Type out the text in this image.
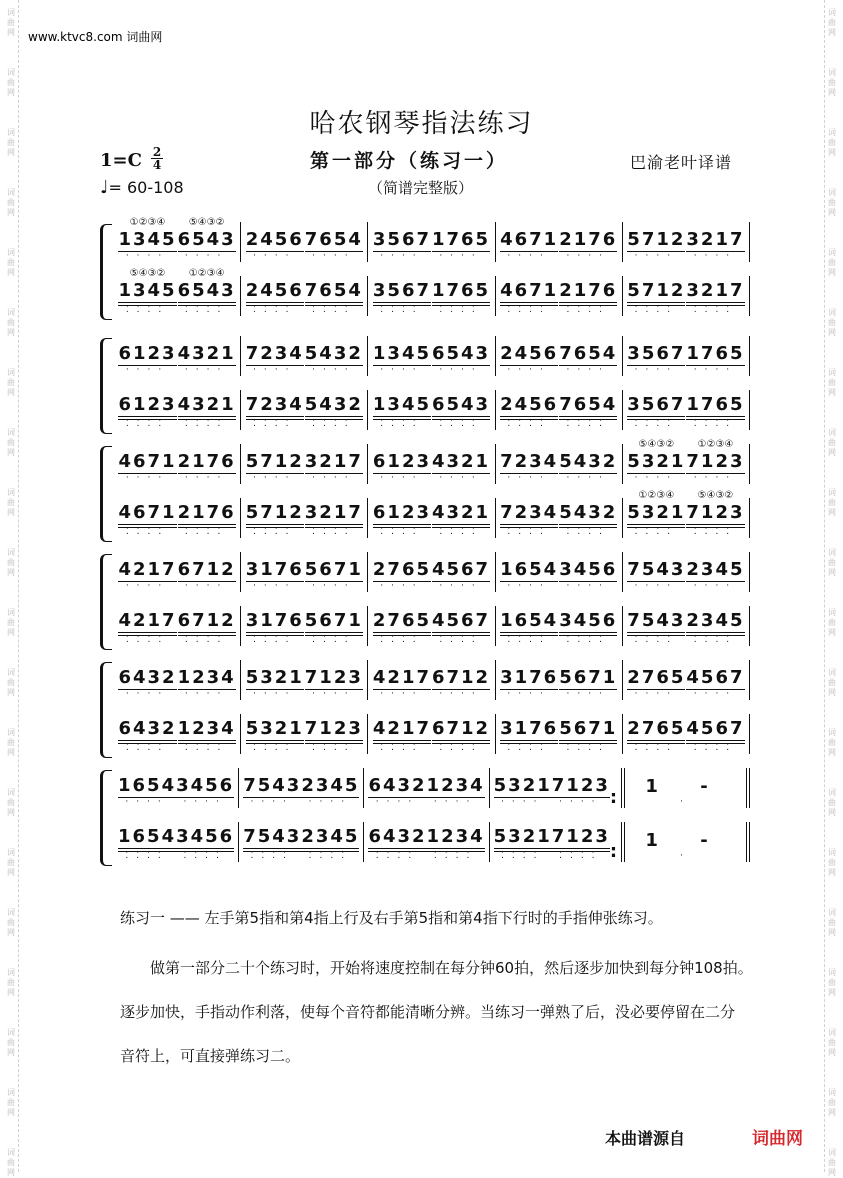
www.ktvc8.com 词曲网
哈农钢琴指法练习
1=C 2
4
♩= 60-108
第一部分（练习一）
（简谱完整版）
巴渝老叶译谱
①②③④
1345
····
⑤④③②
6543
····
2456
····
7654
····
3567
····
1765
····
4671
····
2176
····
5712
····
3217
····
⑤④③②
1345
⁚⁚⁚⁚
①②③④
6543
⁚⁚⁚⁚
2456
⁚⁚⁚⁚
7654
⁚⁚⁚⁚
3567
⁚⁚⁚⁚
1765
⁚⁚⁚⁚
4671
⁚⁚⁚⁚
2176
⁚⁚⁚⁚
5712
⁚⁚⁚⁚
3217
⁚⁚⁚⁚
6123
····
4321
····
7234
····
5432
····
1345
····
6543
····
2456
····
7654
····
3567
····
1765
····
6123
⁚⁚⁚⁚
4321
⁚⁚⁚⁚
7234
⁚⁚⁚⁚
5432
⁚⁚⁚⁚
1345
⁚⁚⁚⁚
6543
⁚⁚⁚⁚
2456
⁚⁚⁚⁚
7654
⁚⁚⁚⁚
3567
⁚⁚⁚⁚
1765
⁚⁚⁚⁚
4671
····
2176
····
5712
····
3217
····
6123
····
4321
····
7234
····
5432
····
⑤④③②
5321
····
①②③④
7123
····
4671
⁚⁚⁚⁚
2176
⁚⁚⁚⁚
5712
⁚⁚⁚⁚
3217
⁚⁚⁚⁚
6123
⁚⁚⁚⁚
4321
⁚⁚⁚⁚
7234
⁚⁚⁚⁚
5432
⁚⁚⁚⁚
①②③④
5321
⁚⁚⁚⁚
⑤④③②
7123
⁚⁚⁚⁚
4217
····
6712
····
3176
····
5671
····
2765
····
4567
····
1654
····
3456
····
7543
····
2345
····
4217
⁚⁚⁚⁚
6712
⁚⁚⁚⁚
3176
⁚⁚⁚⁚
5671
⁚⁚⁚⁚
2765
⁚⁚⁚⁚
4567
⁚⁚⁚⁚
1654
⁚⁚⁚⁚
3456
⁚⁚⁚⁚
7543
⁚⁚⁚⁚
2345
⁚⁚⁚⁚
6432
····
1234
····
5321
····
7123
····
4217
····
6712
····
3176
····
5671
····
2765
····
4567
····
6432
⁚⁚⁚⁚
1234
⁚⁚⁚⁚
5321
⁚⁚⁚⁚
7123
⁚⁚⁚⁚
4217
⁚⁚⁚⁚
6712
⁚⁚⁚⁚
3176
⁚⁚⁚⁚
5671
⁚⁚⁚⁚
2765
⁚⁚⁚⁚
4567
⁚⁚⁚⁚
1654
····
3456
····
7543
····
2345
····
6432
····
1234
····
5321
····
7123
···· :
1 -
·
1654
⁚⁚⁚⁚
3456
⁚⁚⁚⁚
7543
⁚⁚⁚⁚
2345
⁚⁚⁚⁚
6432
⁚⁚⁚⁚
1234
⁚⁚⁚⁚
5321
⁚⁚⁚⁚
7123
⁚⁚⁚⁚ :
1 -
·
练习一 —— 左手第5指和第4指上行及右手第5指和第4指下行时的手指伸张练习。
做第一部分二十个练习时，开始将速度控制在每分钟60拍，然后逐步加快到每分钟108拍。
逐步加快，手指动作利落，使每个音符都能清晰分辨。当练习一弹熟了后，没必要停留在二分
音符上，可直接弹练习二。
本曲谱源自	词曲网
词
曲
网
词
曲
网
词
曲
网
词
曲
网
词
曲
网
词
曲
网
词
曲
网
词
曲
网
词
曲
网
词
曲
网
词
曲
网
词
曲
网
词
曲
网
词
曲
网
词
曲
网
词
曲
网
词
曲
网
词
曲
网
词
曲
网
词
曲
网
词
曲
网
词
曲
网
词
曲
网
词
曲
网
词
曲
网
词
曲
网
词
曲
网
词
曲
网
词
曲
网
词
曲
网
词
曲
网
词
曲
网
词
曲
网
词
曲
网
词
曲
网
词
曲
网
词
曲
网
词
曲
网
词
曲
网
词
曲
网
